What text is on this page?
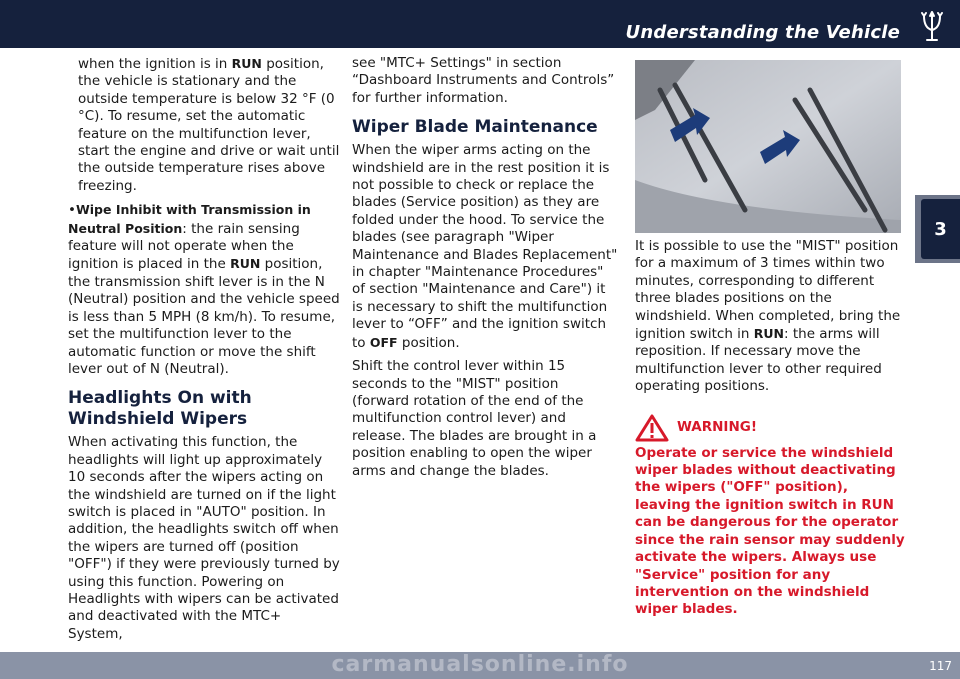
Understanding the Vehicle
3

when the ignition is in RUN position, the vehicle is stationary and the outside temperature is below 32 °F (0 °C). To resume, set the automatic feature on the multifunction lever, start the engine and drive or wait until the outside temperature rises above freezing.

•Wipe Inhibit with Transmission in Neutral Position: the rain sensing feature will not operate when the ignition is placed in the RUN position, the transmission shift lever is in the N (Neutral) position and the vehicle speed is less than 5 MPH (8 km/h). To resume, set the multifunction lever to the automatic function or move the shift lever out of N (Neutral).

Headlights On with Windshield Wipers

When activating this function, the headlights will light up approximately 10 seconds after the wipers acting on the windshield are turned on if the light switch is placed in "AUTO" position. In addition, the headlights switch off when the wipers are turned off (position "OFF") if they were previously turned by using this function. Powering on Headlights with wipers can be activated and deactivated with the MTC+ System,

see "MTC+ Settings" in section “Dashboard Instruments and Controls” for further information.

Wiper Blade Maintenance

When the wiper arms acting on the windshield are in the rest position it is not possible to check or replace the blades (Service position) as they are folded under the hood. To service the blades (see paragraph "Wiper Maintenance and Blades Replacement" in chapter "Maintenance Procedures" of section "Maintenance and Care") it is necessary to shift the multifunction lever to “OFF” and the ignition switch to OFF position.

Shift the control lever within 15 seconds to the "MIST" position (forward rotation of the end of the multifunction control lever) and release. The blades are brought in a position enabling to open the wiper arms and change the blades.

It is possible to use the "MIST" position for a maximum of 3 times within two minutes, corresponding to different three blades positions on the windshield. When completed, bring the ignition switch in RUN: the arms will reposition. If necessary move the multifunction lever to other required operating positions.

WARNING!
Operate or service the windshield wiper blades without deactivating the wipers ("OFF" position), leaving the ignition switch in RUN can be dangerous for the operator since the rain sensor may suddenly activate the wipers. Always use "Service" position for any intervention on the windshield wiper blades.
carmanualsonline.info	117
